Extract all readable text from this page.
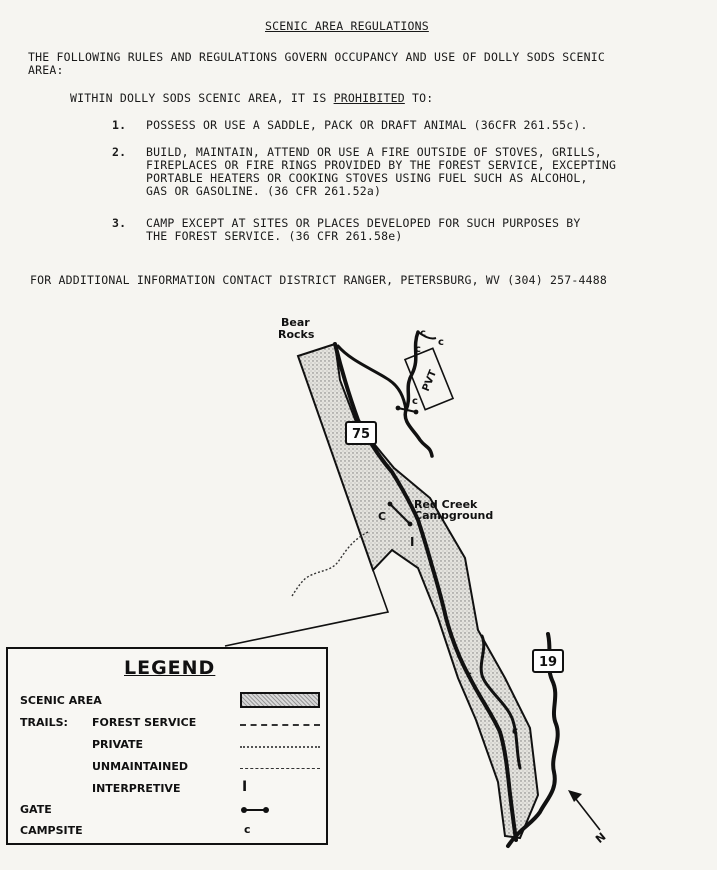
SCENIC AREA REGULATIONS
THE FOLLOWING RULES AND REGULATIONS GOVERN OCCUPANCY AND USE OF DOLLY SODS SCENIC
AREA:
WITHIN DOLLY SODS SCENIC AREA, IT IS PROHIBITED TO:
1. POSSESS OR USE A SADDLE, PACK OR DRAFT ANIMAL (36CFR 261.55c).
2. BUILD, MAINTAIN, ATTEND OR USE A FIRE OUTSIDE OF STOVES, GRILLS,
FIREPLACES OR FIRE RINGS PROVIDED BY THE FOREST SERVICE, EXCEPTING
PORTABLE HEATERS OR COOKING STOVES USING FUEL SUCH AS ALCOHOL,
GAS OR GASOLINE. (36 CFR 261.52a)
3. CAMP EXCEPT AT SITES OR PLACES DEVELOPED FOR SUCH PURPOSES BY
THE FOREST SERVICE. (36 CFR 261.58e)
FOR ADDITIONAL INFORMATION CONTACT DISTRICT RANGER, PETERSBURG, WV (304) 257-4488
PVT
19
75
c
c
c
c
C
c
c
I
Bear
Rocks
Red Creek
Campground
N
LEGEND
SCENIC AREA
TRAILS: FOREST SERVICE
PRIVATE
UNMAINTAINED
INTERPRETIVE	I
GATE
CAMPSITE	c
